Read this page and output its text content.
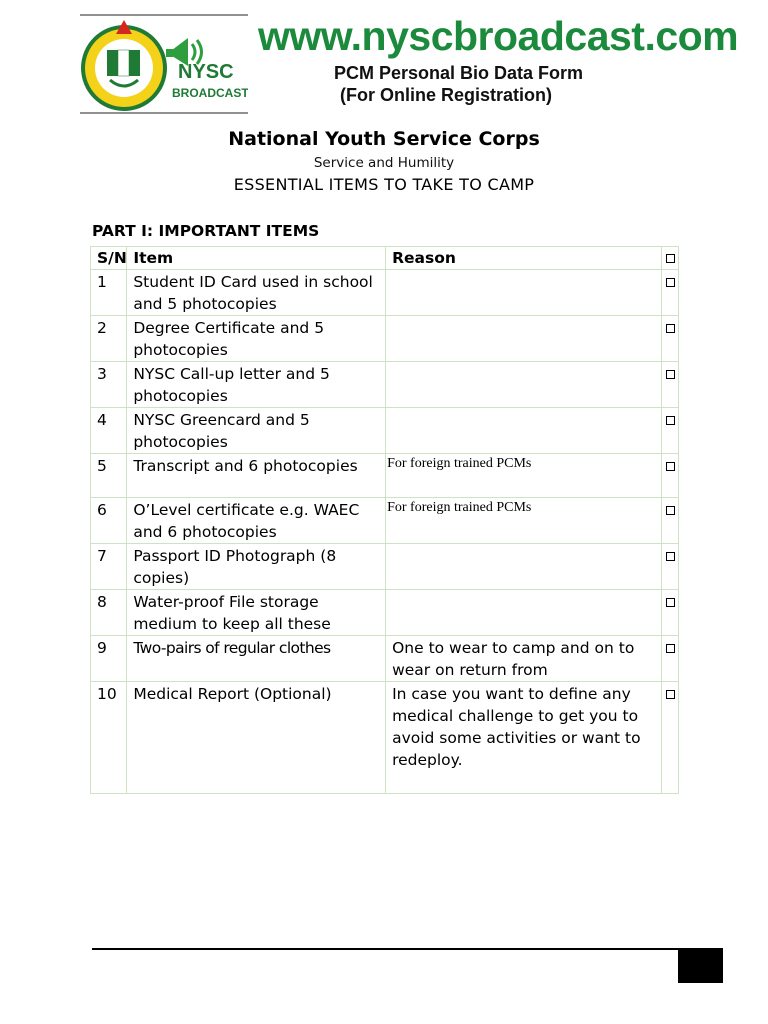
NYSC
BROADCAST
www.nyscbroadcast.com
PCM Personal Bio Data Form
(For Online Registration)
National Youth Service Corps
Service and Humility
ESSENTIAL ITEMS TO TAKE TO CAMP
PART I: IMPORTANT ITEMS
S/N	Item	Reason	
1	Student ID Card used in school and 5 photocopies		
2	Degree Certificate and 5 photocopies		
3	NYSC Call-up letter and 5 photocopies		
4	NYSC Greencard and 5 photocopies		
5	Transcript and 6 photocopies	For foreign trained PCMs	

6	O’Level certificate e.g. WAEC and 6 photocopies	For foreign trained PCMs	

7	Passport ID Photograph (8 copies)		
8	Water-proof File storage medium to keep all these		
9	Two-pairs of regular clothes	One to wear to camp and on to wear on return from	
10	Medical Report (Optional)	In case you want to define any medical challenge to get you to avoid some activities or want to redeploy.	
